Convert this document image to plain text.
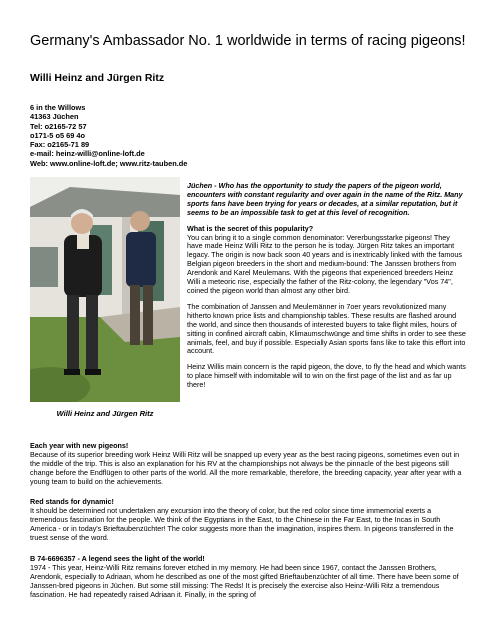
Germany's Ambassador No. 1 worldwide in terms of racing pigeons!
Willi Heinz and Jürgen Ritz
6 in the Willows
41363 Jüchen
Tel: o2165-72 57
o171-5 o5 69 4o
Fax: o2165-71 89
e-mail: heinz-willi@online-loft.de
Web: www.online-loft.de; www.ritz-tauben.de
Willi Heinz and Jürgen Ritz

Jüchen - Who has the opportunity to study the papers of the pigeon world, encounters with constant regularity and over again in the name of the Ritz. Many sports fans have been trying for years or decades, at a similar reputation, but it seems to be an impossible task to get at this level of recognition.

What is the secret of this popularity?

You can bring it to a single common denominator: Vererbungsstarke pigeons! They have made Heinz Willi Ritz to the person he is today. Jürgen Ritz takes an important legacy. The origin is now back soon 40 years and is inextricably linked with the famous Belgian pigeon breeders in the short and medium-bound: The Janssen brothers from Arendonk and Karel Meulemans. With the pigeons that experienced breeders Heinz Willi a meteoric rise, especially the father of the Ritz-colony, the legendary "Vos 74", coined the pigeon world than almost any other bird.

The combination of Janssen and Meulemänner in 7oer years revolutionized many hitherto known price lists and championship tables. These results are flashed around the world, and since then thousands of interested buyers to take flight miles, hours of sitting in confined aircraft cabin, Klimaumschwünge and time shifts in order to see these animals, feel, and buy if possible. Especially Asian sports fans like to take this effort into account.

Heinz Willis main concern is the rapid pigeon, the dove, to fly the head and which wants to place himself with indomitable will to win on the first page of the list and as far up there!

Each year with new pigeons!

Because of its superior breeding work Heinz Willi Ritz will be snapped up every year as the best racing pigeons, sometimes even out in the middle of the trip. This is also an explanation for his RV at the championships not always be the pinnacle of the best pigeons still change before the Endflügen to other parts of the world. All the more remarkable, therefore, the breeding capacity, year after year with a young team to build on the achievements.

Red stands for dynamic!

It should be determined not undertaken any excursion into the theory of color, but the red color since time immemorial exerts a tremendous fascination for the people. We think of the Egyptians in the East, to the Chinese in the Far East, to the Incas in South America - or in today's Brieftaubenzüchter! The color suggests more than the imagination, inspires them. In pigeons transferred in the truest sense of the word.

B 74-6696357 - A legend sees the light of the world!

1974 - This year, Heinz-Willi Ritz remains forever etched in my memory. He had been since 1967, contact the Janssen Brothers, Arendonk, especially to Adriaan, whom he described as one of the most gifted Brieftaubenzüchter of all time. There have been some of Janssen-bred pigeons in Jüchen. But some still missing: The Reds! It is precisely the exercise also Heinz-Willi Ritz a tremendous fascination. He had repeatedly raised Adriaan it. Finally, in the spring of
